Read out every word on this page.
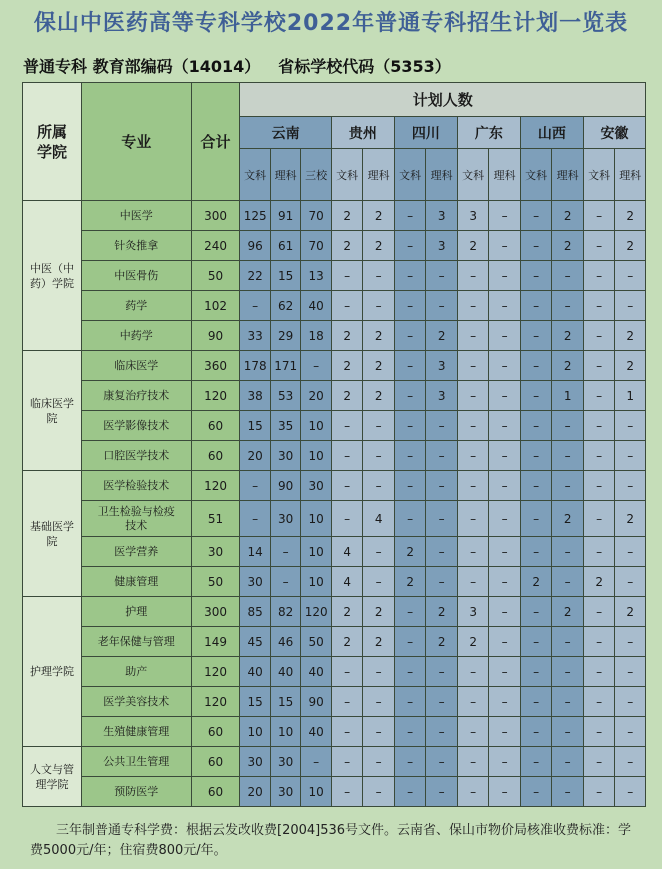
保山中医药高等专科学校2022年普通专科招生计划一览表
普通专科 教育部编码（14014） 省标学校代码（5353）
所属学院	专业	合计	计划人数												
			云南			贵州		四川		广东		山西		安徽	
			文科	理科	三校	文科	理科	文科	理科	文科	理科	文科	理科	文科	理科
中医（中药）学院	中医学	300	125	91	70	2	2	–	3	3	–	–	2	–	2
	针灸推拿	240	96	61	70	2	2	–	3	2	–	–	2	–	2
	中医骨伤	50	22	15	13	–	–	–	–	–	–	–	–	–	–
	药学	102	–	62	40	–	–	–	–	–	–	–	–	–	–
	中药学	90	33	29	18	2	2	–	2	–	–	–	2	–	2
临床医学院	临床医学	360	178	171	–	2	2	–	3	–	–	–	2	–	2
	康复治疗技术	120	38	53	20	2	2	–	3	–	–	–	1	–	1
	医学影像技术	60	15	35	10	–	–	–	–	–	–	–	–	–	–
	口腔医学技术	60	20	30	10	–	–	–	–	–	–	–	–	–	–
基础医学院	医学检验技术	120	–	90	30	–	–	–	–	–	–	–	–	–	–
	卫生检验与检疫技术	51	–	30	10	–	4	–	–	–	–	–	2	–	2
	医学营养	30	14	–	10	4	–	2	–	–	–	–	–	–	–
	健康管理	50	30	–	10	4	–	2	–	–	–	2	–	2	–
护理学院	护理	300	85	82	120	2	2	–	2	3	–	–	2	–	2
	老年保健与管理	149	45	46	50	2	2	–	2	2	–	–	–	–	–
	助产	120	40	40	40	–	–	–	–	–	–	–	–	–	–
	医学美容技术	120	15	15	90	–	–	–	–	–	–	–	–	–	–
	生殖健康管理	60	10	10	40	–	–	–	–	–	–	–	–	–	–
人文与管理学院	公共卫生管理	60	30	30	–	–	–	–	–	–	–	–	–	–	–
	预防医学	60	20	30	10	–	–	–	–	–	–	–	–	–	–
三年制普通专科学费：根据云发改收费[2004]536号文件。云南省、保山市物价局核准收费标准：学费5000元/年；住宿费800元/年。
